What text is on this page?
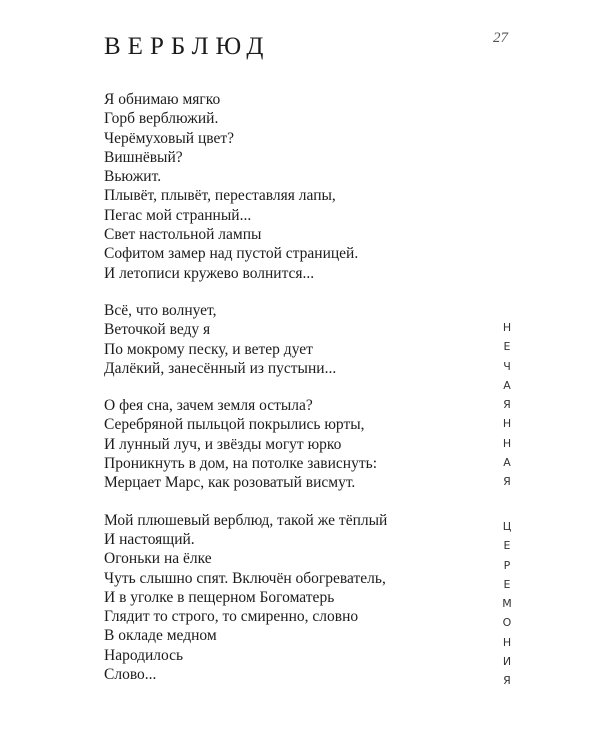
ВЕРБЛЮД	27
Я обнимаю мягко
Горб верблюжий.
Черёмуховый цвет?
Вишнёвый?
Вьюжит.
Плывёт, плывёт, переставляя лапы,
Пегас мой странный...
Свет настольной лампы
Софитом замер над пустой страницей.
И летописи кружево волнится...
Всё, что волнует,
Веточкой веду я
По мокрому песку, и ветер дует
Далёкий, занесённый из пустыни...
О фея сна, зачем земля остыла?
Серебряной пыльцой покрылись юрты,
И лунный луч, и звёзды могут юрко
Проникнуть в дом, на потолке зависнуть:
Мерцает Марс, как розоватый висмут.
Мой плюшевый верблюд, такой же тёплый
И настоящий.
Огоньки на ёлке
Чуть слышно спят. Включён обогреватель,
И в уголке в пещерном Богоматерь
Глядит то строго, то смиренно, словно
В окладе медном
Народилось
Слово...
Н
Е
Ч
А
Я
Н
Н
А
Я
Ц
Е
Р
Е
М
О
Н
И
Я
